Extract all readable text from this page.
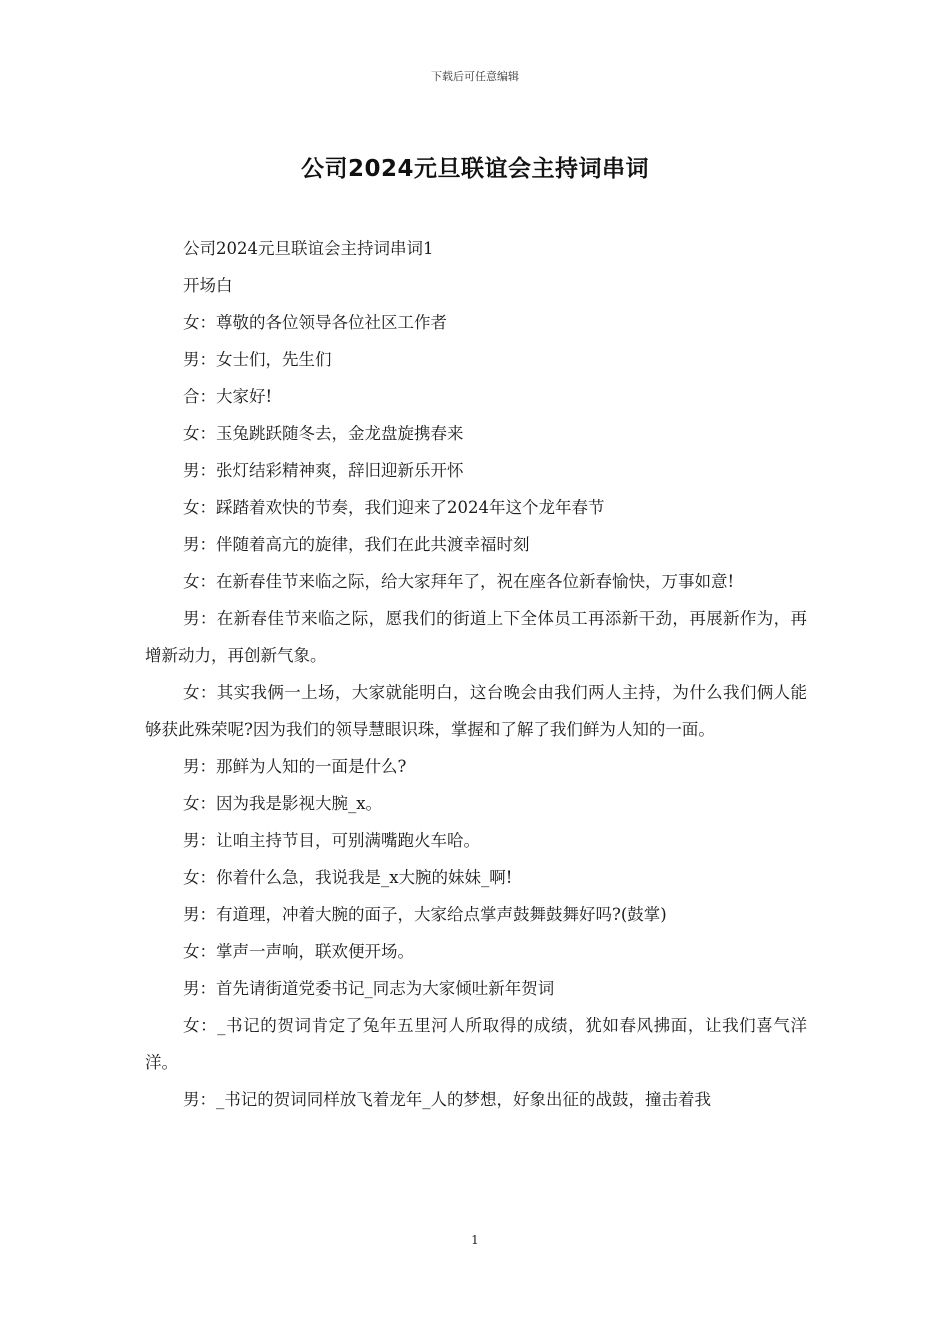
下载后可任意编辑
公司2024元旦联谊会主持词串词

公司2024元旦联谊会主持词串词1

开场白

女：尊敬的各位领导各位社区工作者

男：女士们，先生们

合：大家好!

女：玉兔跳跃随冬去，金龙盘旋携春来

男：张灯结彩精神爽，辞旧迎新乐开怀

女：踩踏着欢快的节奏，我们迎来了2024年这个龙年春节

男：伴随着高亢的旋律，我们在此共渡幸福时刻

女：在新春佳节来临之际，给大家拜年了，祝在座各位新春愉快，万事如意!

男：在新春佳节来临之际，愿我们的街道上下全体员工再添新干劲，再展新作为，再增新动力，再创新气象。

女：其实我俩一上场，大家就能明白，这台晚会由我们两人主持，为什么我们俩人能够获此殊荣呢?因为我们的领导慧眼识珠，掌握和了解了我们鲜为人知的一面。

男：那鲜为人知的一面是什么?

女：因为我是影视大腕_x。

男：让咱主持节目，可别满嘴跑火车哈。

女：你着什么急，我说我是_x大腕的妹妹_啊!

男：有道理，冲着大腕的面子，大家给点掌声鼓舞鼓舞好吗?(鼓掌)

女：掌声一声响，联欢便开场。

男：首先请街道党委书记_同志为大家倾吐新年贺词

女：_书记的贺词肯定了兔年五里河人所取得的成绩，犹如春风拂面，让我们喜气洋洋。

男：_书记的贺词同样放飞着龙年_人的梦想，好象出征的战鼓，撞击着我

1
